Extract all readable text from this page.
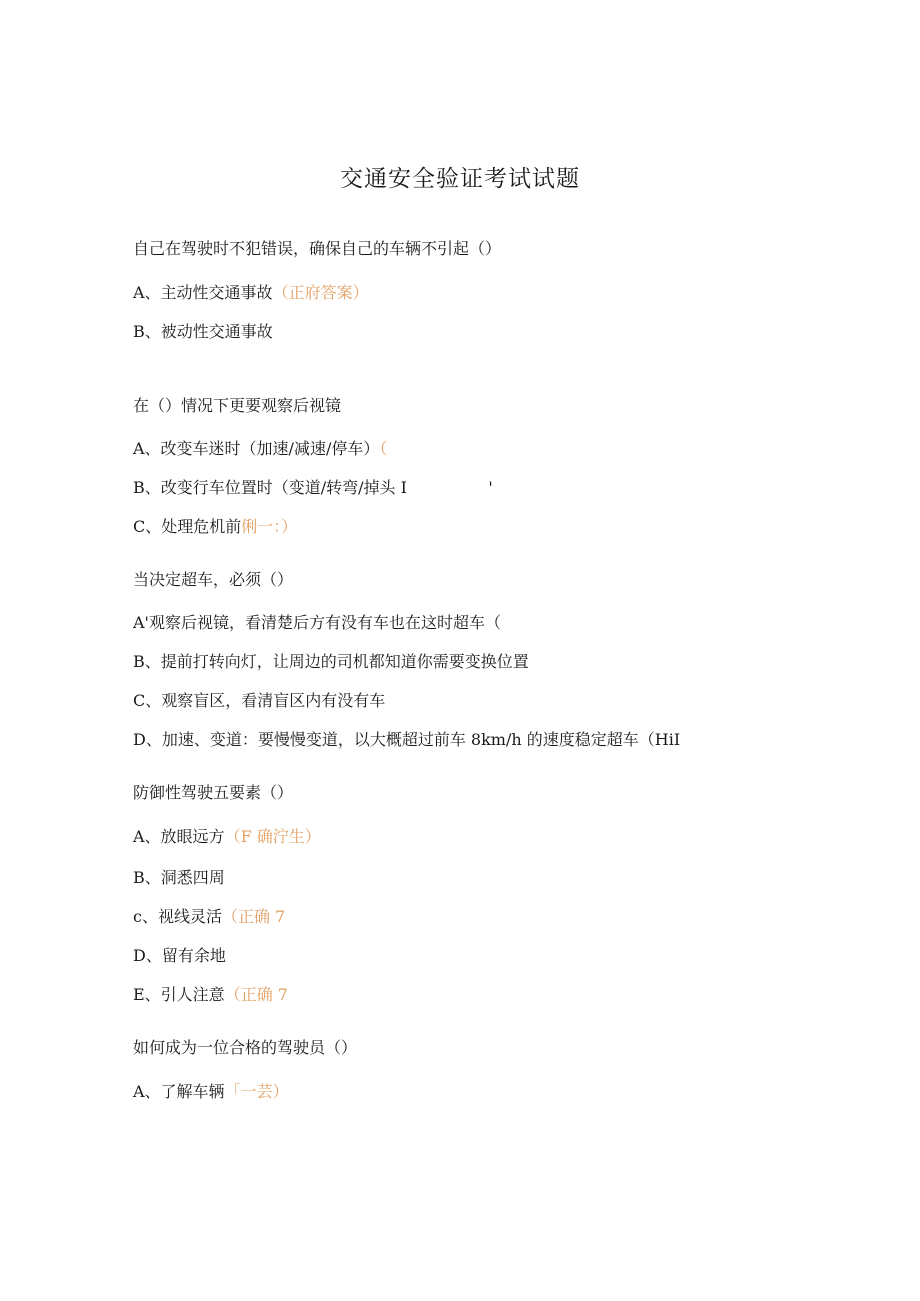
交通安全验证考试试题
自己在驾驶时不犯错误，确保自己的车辆不引起（）
A、主动性交通事故（正府答案）
B、被动性交通事故
在（）情况下更要观察后视镜
A、改变车迷时（加速/减速/停车）（
B、改变行车位置时（变道/转弯/掉头 I                '
C、处理危机前俐一：）
当决定超车，必须（）
A'观察后视镜，看清楚后方有没有车也在这时超车（
B、提前打转向灯，让周边的司机都知道你需要变换位置
C、观察盲区，看清盲区内有没有车
D、加速、变道：要慢慢变道，以大概超过前车 8km∕h 的速度稳定超车（HiI
防御性驾驶五要素（）
A、放眼远方（F 确泞生）
B、洞悉四周
c、视线灵活（正确 7
D、留有余地
E、引人注意（正确 7
如何成为一位合格的驾驶员（）
A、了解车辆「一芸）
